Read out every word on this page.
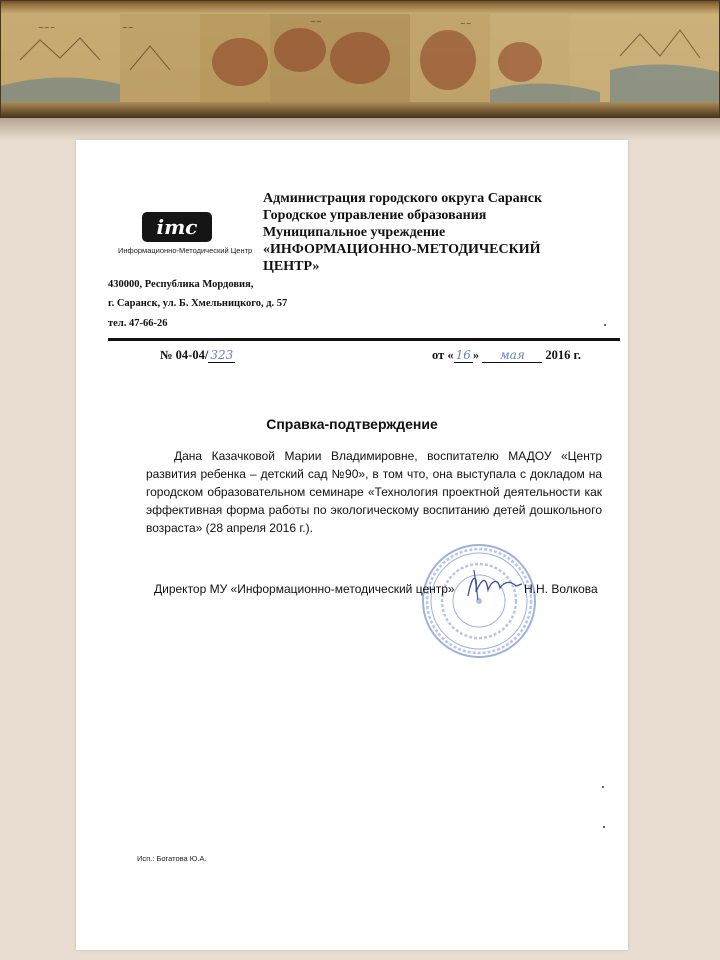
~~~	~~
~~	~~
imc
Информационно-Методический Центр
Администрация городского округа Саранск
Городское управление образования
Муниципальное учреждение
«ИНФОРМАЦИОННО-МЕТОДИЧЕСКИЙ
ЦЕНТР»
430000, Республика Мордовия,
г. Саранск, ул. Б. Хмельницкого, д. 57
тел. 47-66-26
№ 04-04/ 323	от « 16 » мая 2016 г.
Справка-подтверждение
Дана Казачковой Марии Владимировне, воспитателю МАДОУ «Центр развития ребенка – детский сад №90», в том что, она выступала с докладом на городском образовательном семинаре «Технология проектной деятельности как эффективная форма работы по экологическому воспитанию детей дошкольного возраста» (28 апреля 2016 г.).
Директор МУ «Информационно-методический центр»	Н.Н. Волкова
Исп.: Богатова Ю.А.
